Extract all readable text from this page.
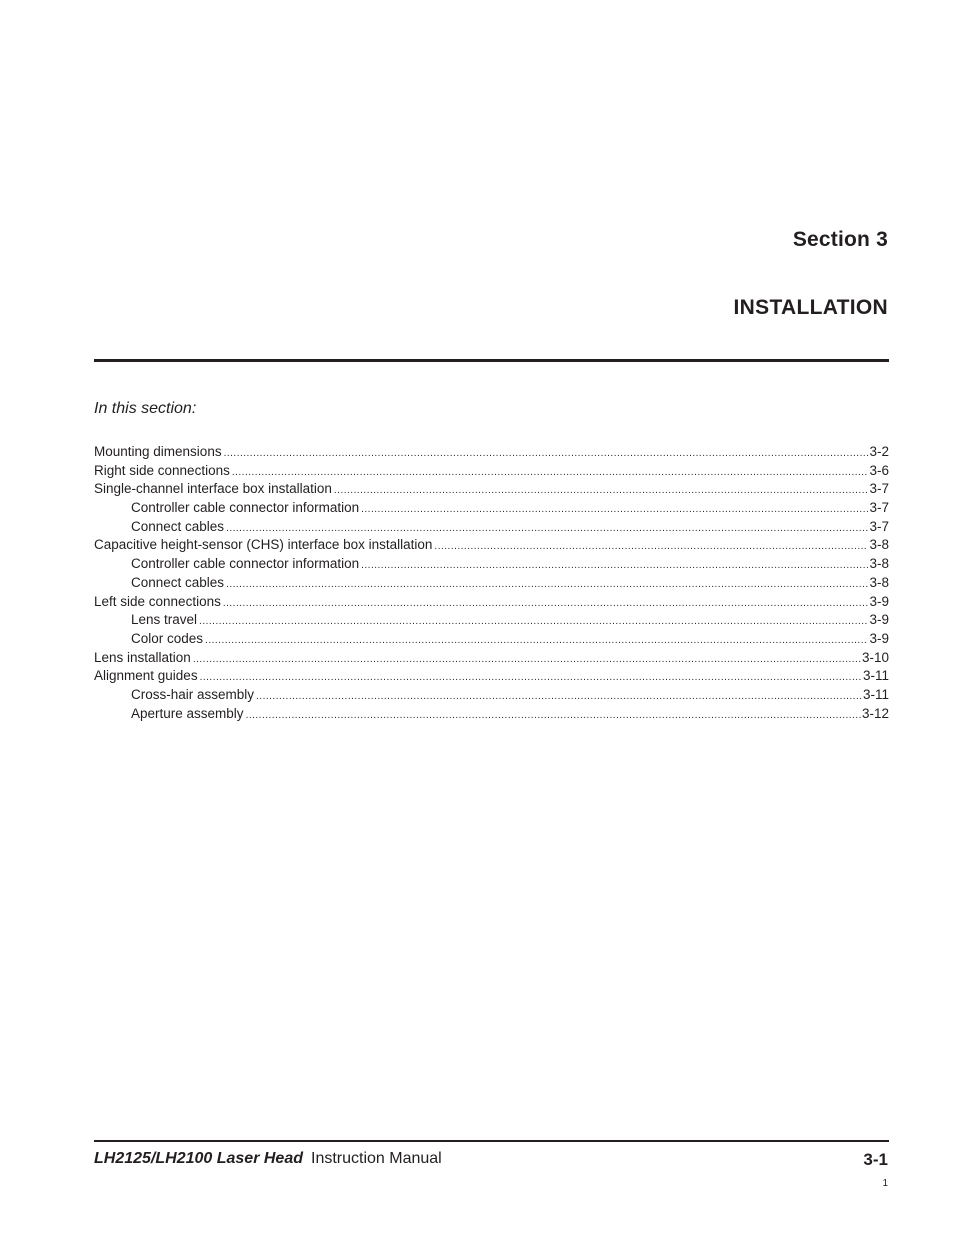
Section 3
INSTALLATION

In this section:

Mounting dimensions .....	3-2
Right side connections .....	3-6
Single-channel interface box installation .....	3-7
Controller cable connector information .....	3-7
Connect cables .....	3-7
Capacitive height-sensor (CHS) interface box installation .....	3-8
Controller cable connector information .....	3-8
Connect cables .....	3-8
Left side connections .....	3-9
Lens travel .....	3-9
Color codes .....	3-9
Lens installation .....	3-10
Alignment guides .....	3-11
Cross-hair assembly .....	3-11
Aperture assembly .....	3-12
LH2125/LH2100 Laser Head Instruction Manual	3-1
1
